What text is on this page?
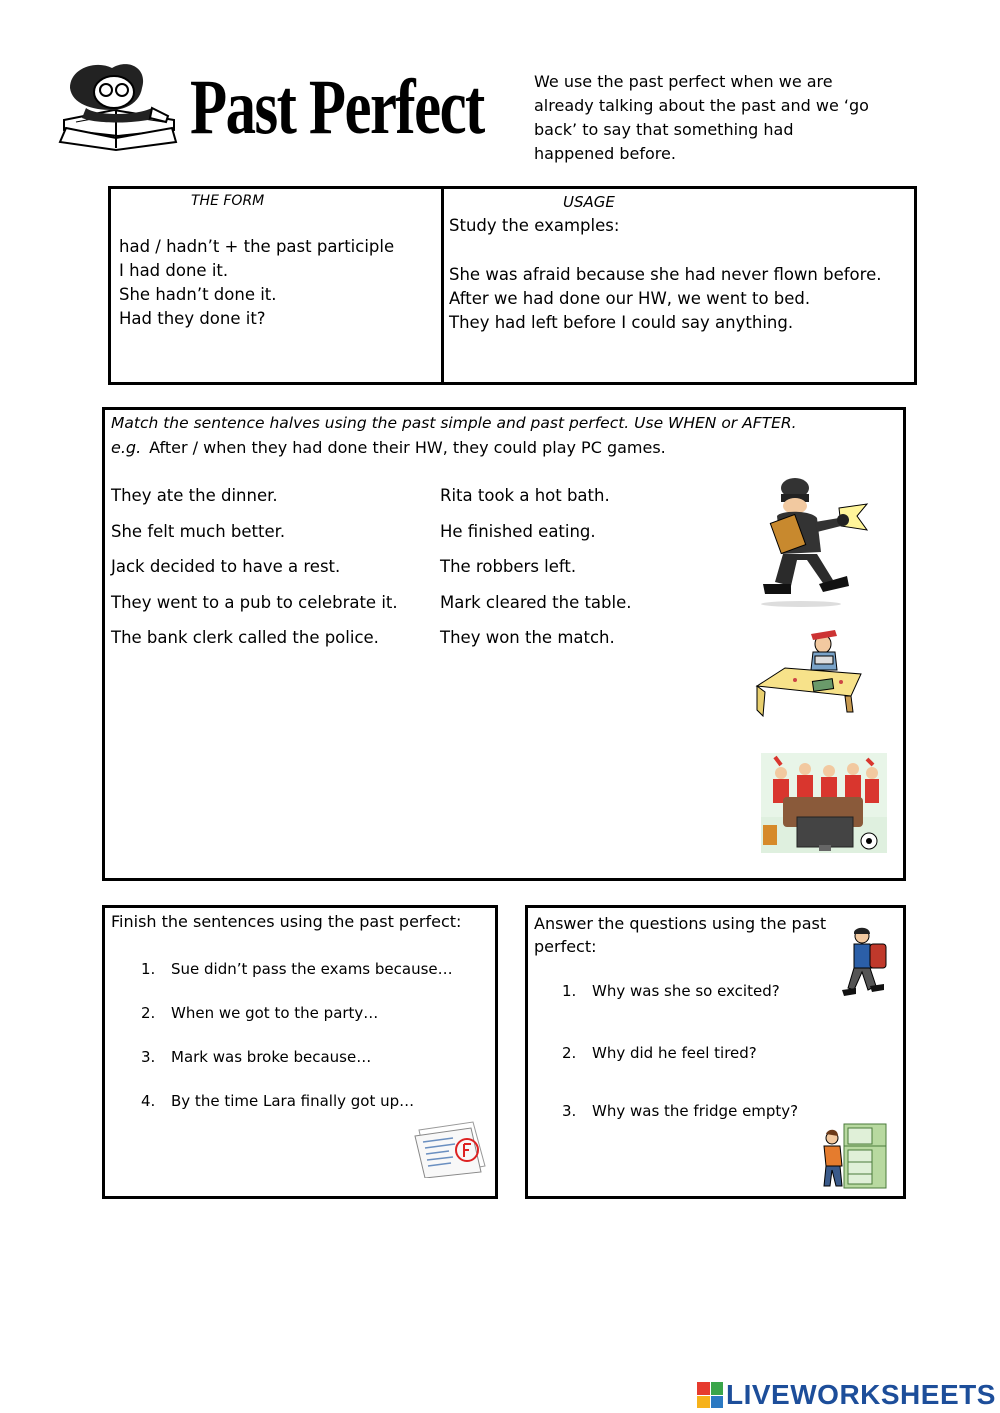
Past Perfect	We use the past perfect when we are already talking about the past and we ‘go back’ to say that something had happened before.
THE FORM	USAGE
had / hadn’t + the past participle
I had done it.
She hadn’t done it.
Had they done it?
Study the examples:
She was afraid because she had never flown before.
After we had done our HW, we went to bed.
They had left before I could say anything.
Match the sentence halves using the past simple and past perfect. Use WHEN or AFTER.
e.g. After / when they had done their HW, they could play PC games.
They ate the dinner.
She felt much better.
Jack decided to have a rest.
They went to a pub to celebrate it.
The bank clerk called the police.
Rita took a hot bath.
He finished eating.
The robbers left.
Mark cleared the table.
They won the match.
Finish the sentences using the past perfect:
1. Sue didn’t pass the exams because…
2. When we got to the party…
3. Mark was broke because…
4. By the time Lara finally got up…
Answer the questions using the past perfect:
1. Why was she so excited?
2. Why did he feel tired?
3. Why was the fridge empty?
LIVEWORKSHEETS
